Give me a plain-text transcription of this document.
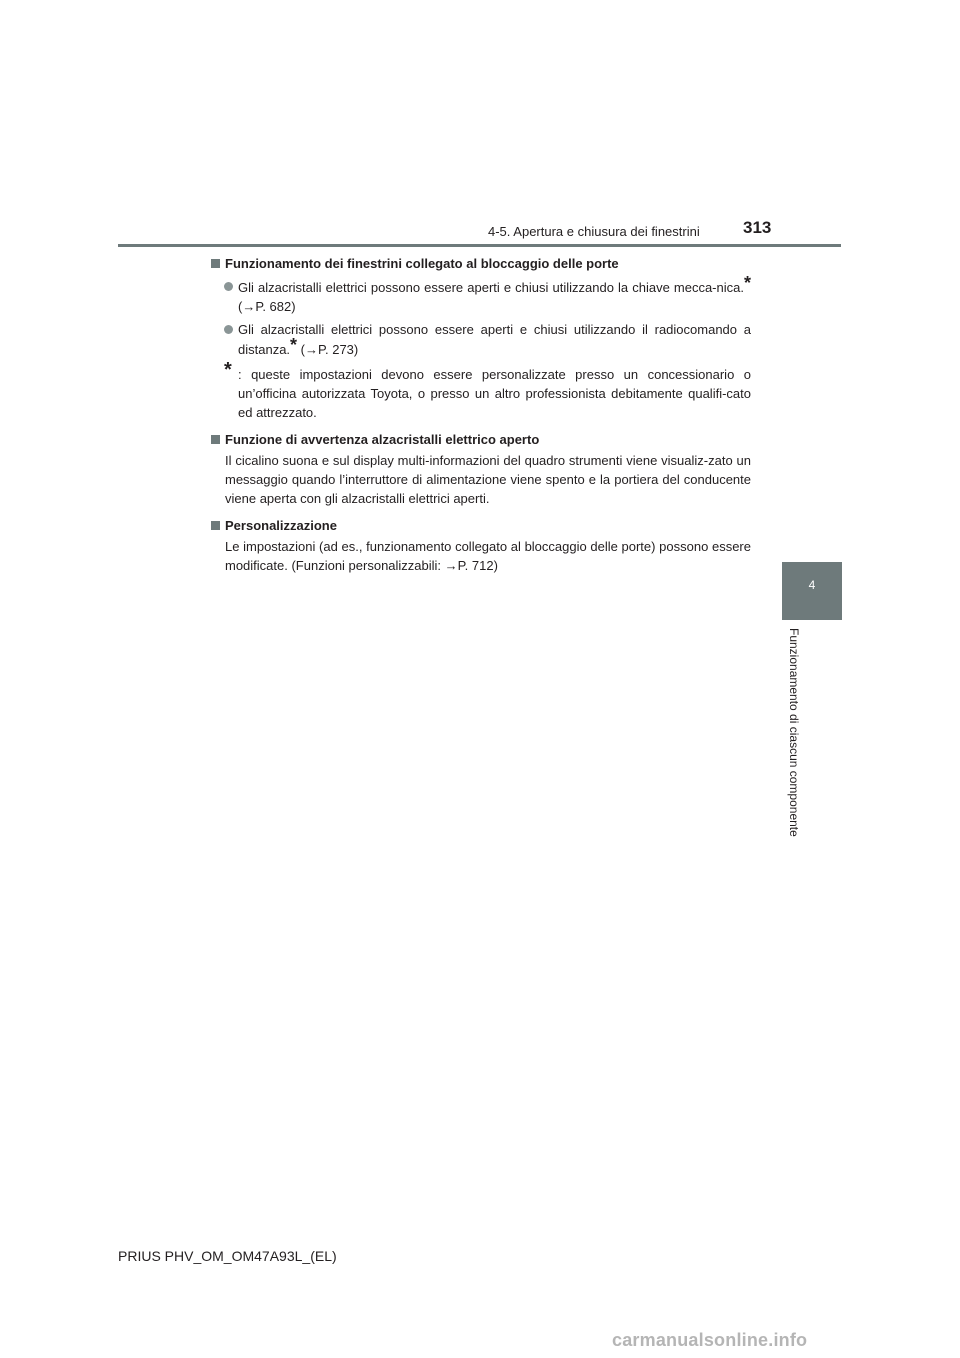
4-5. Apertura e chiusura dei finestrini	313
4
Funzionamento di ciascun componente

Funzionamento dei finestrini collegato al bloccaggio delle porte

Gli alzacristalli elettrici possono essere aperti e chiusi utilizzando la chiave mecca-nica.* (→P. 682)
Gli alzacristalli elettrici possono essere aperti e chiusi utilizzando il radiocomando a distanza.* (→P. 273)
* : queste impostazioni devono essere personalizzate presso un concessionario o un’officina autorizzata Toyota, o presso un altro professionista debitamente qualifi-cato ed attrezzato.

Funzione di avvertenza alzacristalli elettrico aperto

Il cicalino suona e sul display multi-informazioni del quadro strumenti viene visualiz-zato un messaggio quando l’interruttore di alimentazione viene spento e la portiera del conducente viene aperta con gli alzacristalli elettrici aperti.

Personalizzazione

Le impostazioni (ad es., funzionamento collegato al bloccaggio delle porte) possono essere modificate. (Funzioni personalizzabili: →P. 712)
PRIUS PHV_OM_OM47A93L_(EL)
carmanualsonline.info
